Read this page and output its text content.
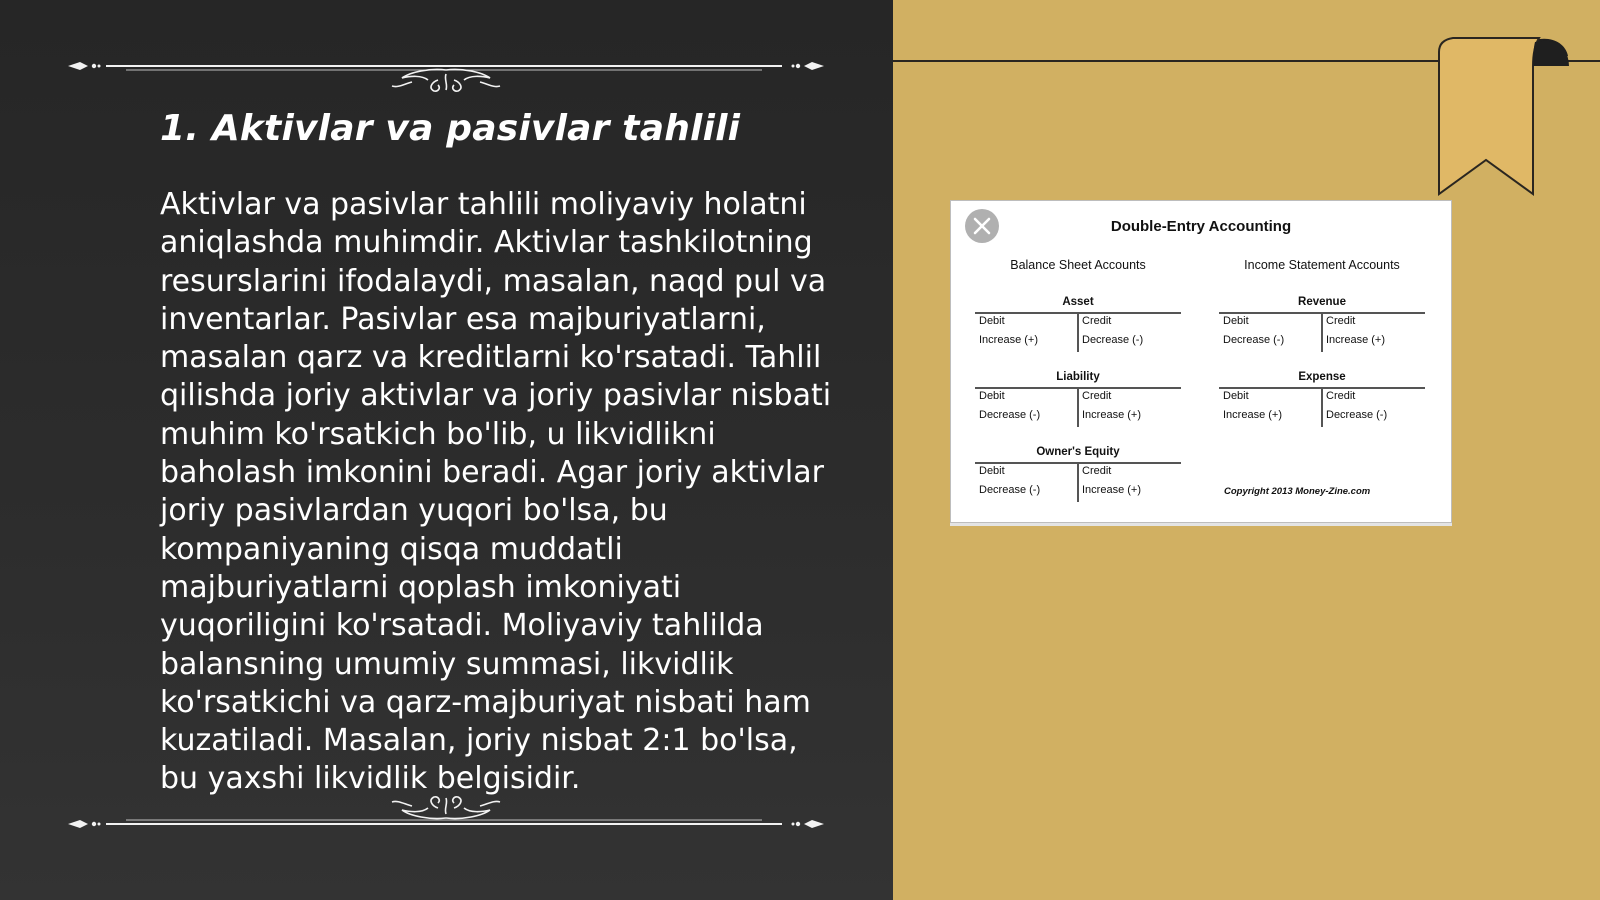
1. Aktivlar va pasivlar tahlili

Aktivlar va pasivlar tahlili moliyaviy holatni aniqlashda muhimdir. Aktivlar tashkilotning resurslarini ifodalaydi, masalan, naqd pul va inventarlar. Pasivlar esa majburiyatlarni, masalan qarz va kreditlarni ko'rsatadi. Tahlil qilishda joriy aktivlar va joriy pasivlar nisbati muhim ko'rsatkich bo'lib, u likvidlikni baholash imkonini beradi. Agar joriy aktivlar joriy pasivlardan yuqori bo'lsa, bu kompaniyaning qisqa muddatli majburiyatlarni qoplash imkoniyati yuqoriligini ko'rsatadi. Moliyaviy tahlilda balansning umumiy summasi, likvidlik ko'rsatkichi va qarz-majburiyat nisbati ham kuzatiladi. Masalan, joriy nisbat 2:1 bo'lsa, bu yaxshi likvidlik belgisidir.

Double-Entry Accounting
Balance Sheet Accounts	Income Statement Accounts
Asset
Debit
Increase (+)
Credit
Decrease (-)
Liability
Debit
Decrease (-)
Credit
Increase (+)
Owner's Equity
Debit
Decrease (-)
Credit
Increase (+)
Revenue
Debit
Decrease (-)
Credit
Increase (+)
Expense
Debit
Increase (+)
Credit
Decrease (-)
Copyright 2013 Money-Zine.com
